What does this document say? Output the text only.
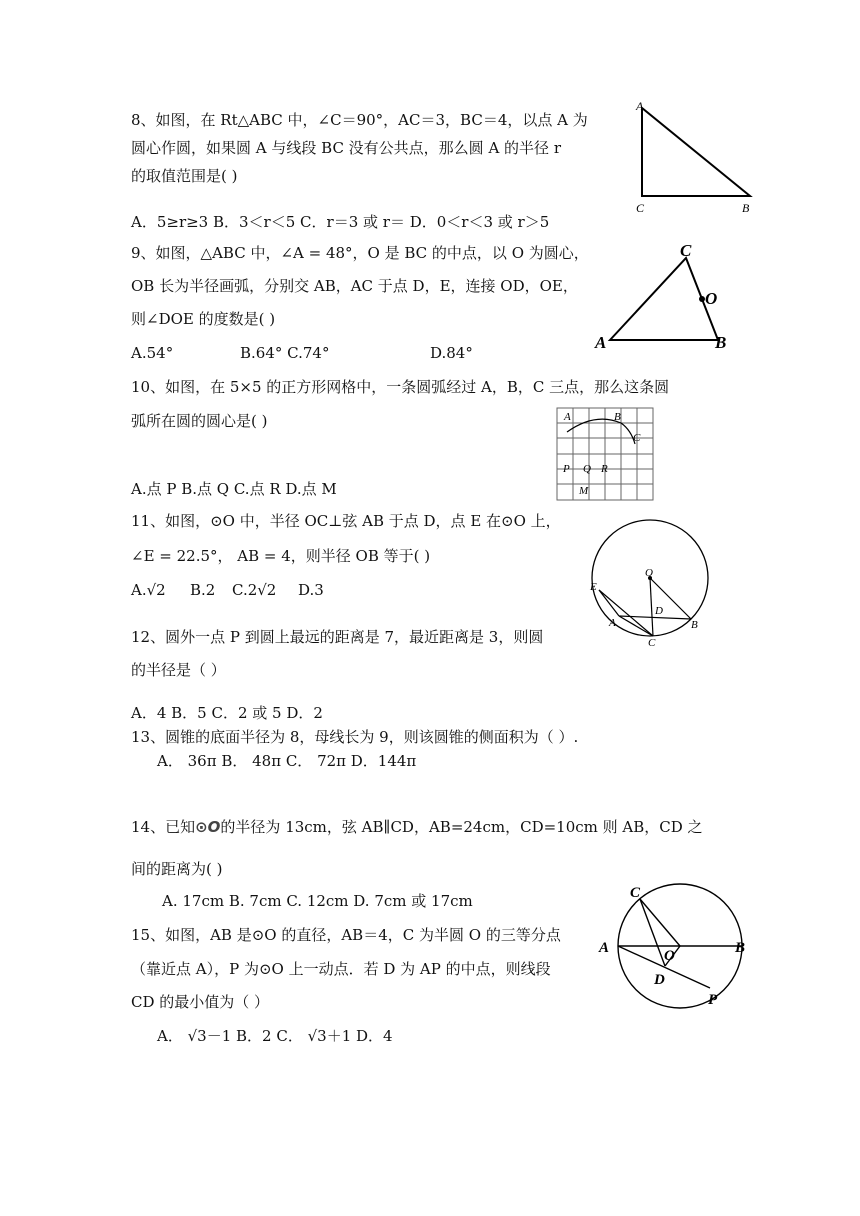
8、如图，在 Rt△ABC 中，∠C＝90°，AC＝3，BC＝4，以点 A 为
圆心作圆，如果圆 A 与线段 BC 没有公共点，那么圆 A 的半径 r
的取值范围是( )
A．5≥r≥3 B．3＜r＜5 C．r＝3 或 r＝ D．0＜r＜3 或 r＞5
A
C	B
9、如图，△ABC 中，∠A = 48°，O 是 BC 的中点，以 O 为圆心，
OB 长为半径画弧，分别交 AB，AC 于点 D，E，连接 OD，OE，
则∠DOE 的度数是( )
A.54°	B.64° C.74°	D.84°
C
O
A	B
10、如图，在 5×5 的正方形网格中，一条圆弧经过 A，B，C 三点，那么这条圆
弧所在圆的圆心是( )
A.点 P B.点 Q C.点 R D.点 M
A	B
C
P Q R
M
11、如图，⊙O 中，半径 OC⊥弦 AB 于点 D，点 E 在⊙O 上，
∠E = 22.5°， AB = 4，则半径 OB 等于( )
A.√2 B.2 C.2√2 D.3
O
E
D
A	B
C
12、圆外一点 P 到圆上最远的距离是 7，最近距离是 3，则圆
的半径是（ ）
A．4 B．5 C．2 或 5 D．2
13、圆锥的底面半径为 8，母线长为 9，则该圆锥的侧面积为（ ）.
A． 36π B． 48π C． 72π D．144π
14、已知⊙O的半径为 13cm，弦 AB∥CD，AB=24cm，CD=10cm 则 AB，CD 之
间的距离为( )
A. 17cm B. 7cm C. 12cm D. 7cm 或 17cm
15、如图，AB 是⊙O 的直径，AB＝4，C 为半圆 O 的三等分点
（靠近点 A），P 为⊙O 上一动点．若 D 为 AP 的中点，则线段
CD 的最小值为（ ）
A． √3－1 B．2 C． √3＋1 D．4
C
A	B
O
D
P
